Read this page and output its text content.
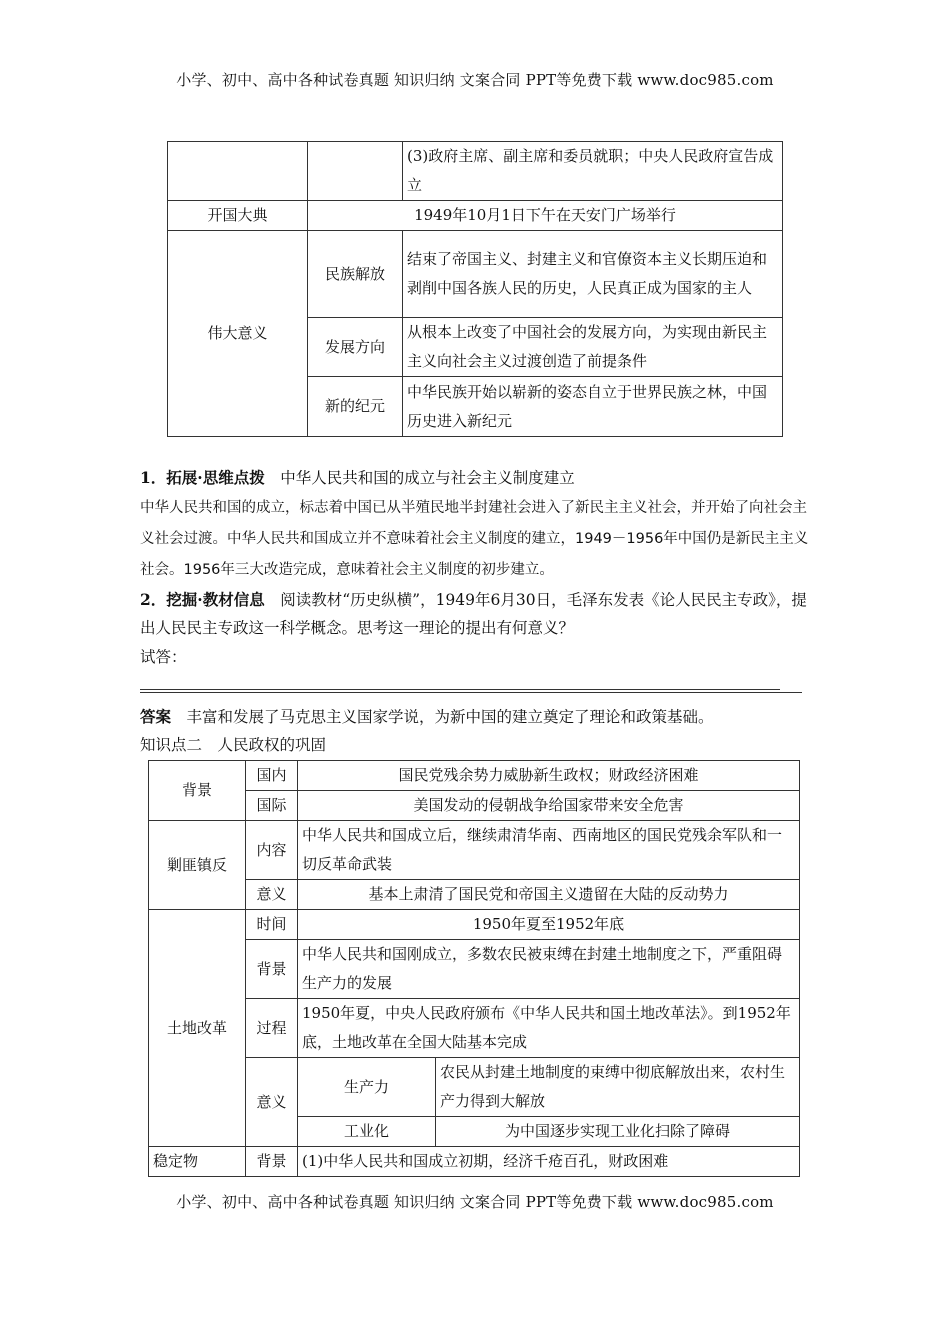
小学、初中、高中各种试卷真题 知识归纳 文案合同 PPT等免费下载 www.doc985.com
		(3)政府主席、副主席和委员就职；中央人民政府宣告成立
开国大典	1949年10月1日下午在天安门广场举行	
伟大意义	民族解放	结束了帝国主义、封建主义和官僚资本主义长期压迫和剥削中国各族人民的历史，人民真正成为国家的主人
	发展方向	从根本上改变了中国社会的发展方向，为实现由新民主主义向社会主义过渡创造了前提条件
	新的纪元	中华民族开始以崭新的姿态自立于世界民族之林，中国历史进入新纪元
1．拓展·思维点拨　 中华人民共和国的成立与社会主义制度建立
中华人民共和国的成立，标志着中国已从半殖民地半封建社会进入了新民主主义社会，并开始了向社会主义社会过渡。中华人民共和国成立并不意味着社会主义制度的建立，1949－1956年中国仍是新民主主义社会。1956年三大改造完成，意味着社会主义制度的初步建立。
2．挖掘·教材信息　 阅读教材“历史纵横”，1949年6月30日，毛泽东发表《论人民民主专政》，提出人民民主专政这一科学概念。思考这一理论的提出有何意义？
试答：
答案　 丰富和发展了马克思主义国家学说，为新中国的建立奠定了理论和政策基础。
知识点二　人民政权的巩固
背景	国内	国民党残余势力威胁新生政权；财政经济困难	
	国际	美国发动的侵朝战争给国家带来安全危害	
剿匪镇反	内容	中华人民共和国成立后，继续肃清华南、西南地区的国民党残余军队和一切反革命武装	
	意义	基本上肃清了国民党和帝国主义遗留在大陆的反动势力	
土地改革	时间	1950年夏至1952年底	
	背景	中华人民共和国刚成立，多数农民被束缚在封建土地制度之下，严重阻碍生产力的发展	
	过程	1950年夏，中央人民政府颁布《中华人民共和国土地改革法》。到1952年底，土地改革在全国大陆基本完成	
	意义	生产力	农民从封建土地制度的束缚中彻底解放出来，农村生产力得到大解放
		工业化	为中国逐步实现工业化扫除了障碍

稳定物	背景	(1)中华人民共和国成立初期，经济千疮百孔，财政困难	
小学、初中、高中各种试卷真题 知识归纳 文案合同 PPT等免费下载 www.doc985.com
